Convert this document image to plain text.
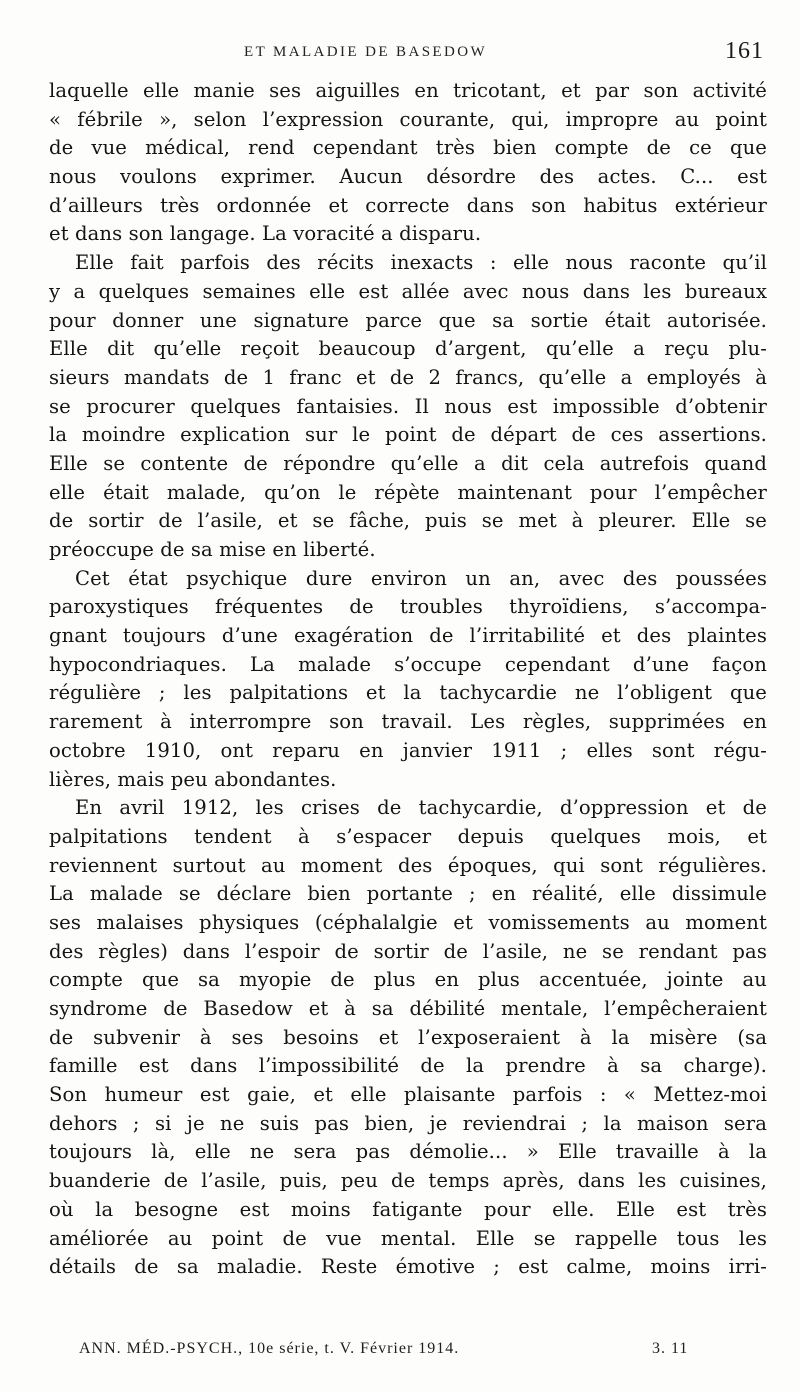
ET MALADIE DE BASEDOW	161
laquelle elle manie ses aiguilles en tricotant, et par son activité
« fébrile », selon l’expression courante, qui, impropre au point
de vue médical, rend cependant très bien compte de ce que
nous voulons exprimer. Aucun désordre des actes. C... est
d’ailleurs très ordonnée et correcte dans son habitus extérieur
et dans son langage. La voracité a disparu.
Elle fait parfois des récits inexacts : elle nous raconte qu’il
y a quelques semaines elle est allée avec nous dans les bureaux
pour donner une signature parce que sa sortie était autorisée.
Elle dit qu’elle reçoit beaucoup d’argent, qu’elle a reçu plu-
sieurs mandats de 1 franc et de 2 francs, qu’elle a employés à
se procurer quelques fantaisies. Il nous est impossible d’obtenir
la moindre explication sur le point de départ de ces assertions.
Elle se contente de répondre qu’elle a dit cela autrefois quand
elle était malade, qu’on le répète maintenant pour l’empêcher
de sortir de l’asile, et se fâche, puis se met à pleurer. Elle se
préoccupe de sa mise en liberté.
Cet état psychique dure environ un an, avec des poussées
paroxystiques fréquentes de troubles thyroïdiens, s’accompa-
gnant toujours d’une exagération de l’irritabilité et des plaintes
hypocondriaques. La malade s’occupe cependant d’une façon
régulière ; les palpitations et la tachycardie ne l’obligent que
rarement à interrompre son travail. Les règles, supprimées en
octobre 1910, ont reparu en janvier 1911 ; elles sont régu-
lières, mais peu abondantes.
En avril 1912, les crises de tachycardie, d’oppression et de
palpitations tendent à s’espacer depuis quelques mois, et
reviennent surtout au moment des époques, qui sont régulières.
La malade se déclare bien portante ; en réalité, elle dissimule
ses malaises physiques (céphalalgie et vomissements au moment
des règles) dans l’espoir de sortir de l’asile, ne se rendant pas
compte que sa myopie de plus en plus accentuée, jointe au
syndrome de Basedow et à sa débilité mentale, l’empêcheraient
de subvenir à ses besoins et l’exposeraient à la misère (sa
famille est dans l’impossibilité de la prendre à sa charge).
Son humeur est gaie, et elle plaisante parfois : « Mettez-moi
dehors ; si je ne suis pas bien, je reviendrai ; la maison sera
toujours là, elle ne sera pas démolie... » Elle travaille à la
buanderie de l’asile, puis, peu de temps après, dans les cuisines,
où la besogne est moins fatigante pour elle. Elle est très
améliorée au point de vue mental. Elle se rappelle tous les
détails de sa maladie. Reste émotive ; est calme, moins irri-
ANN. MÉD.-PSYCH., 10e série, t. V. Février 1914.	3. 11
